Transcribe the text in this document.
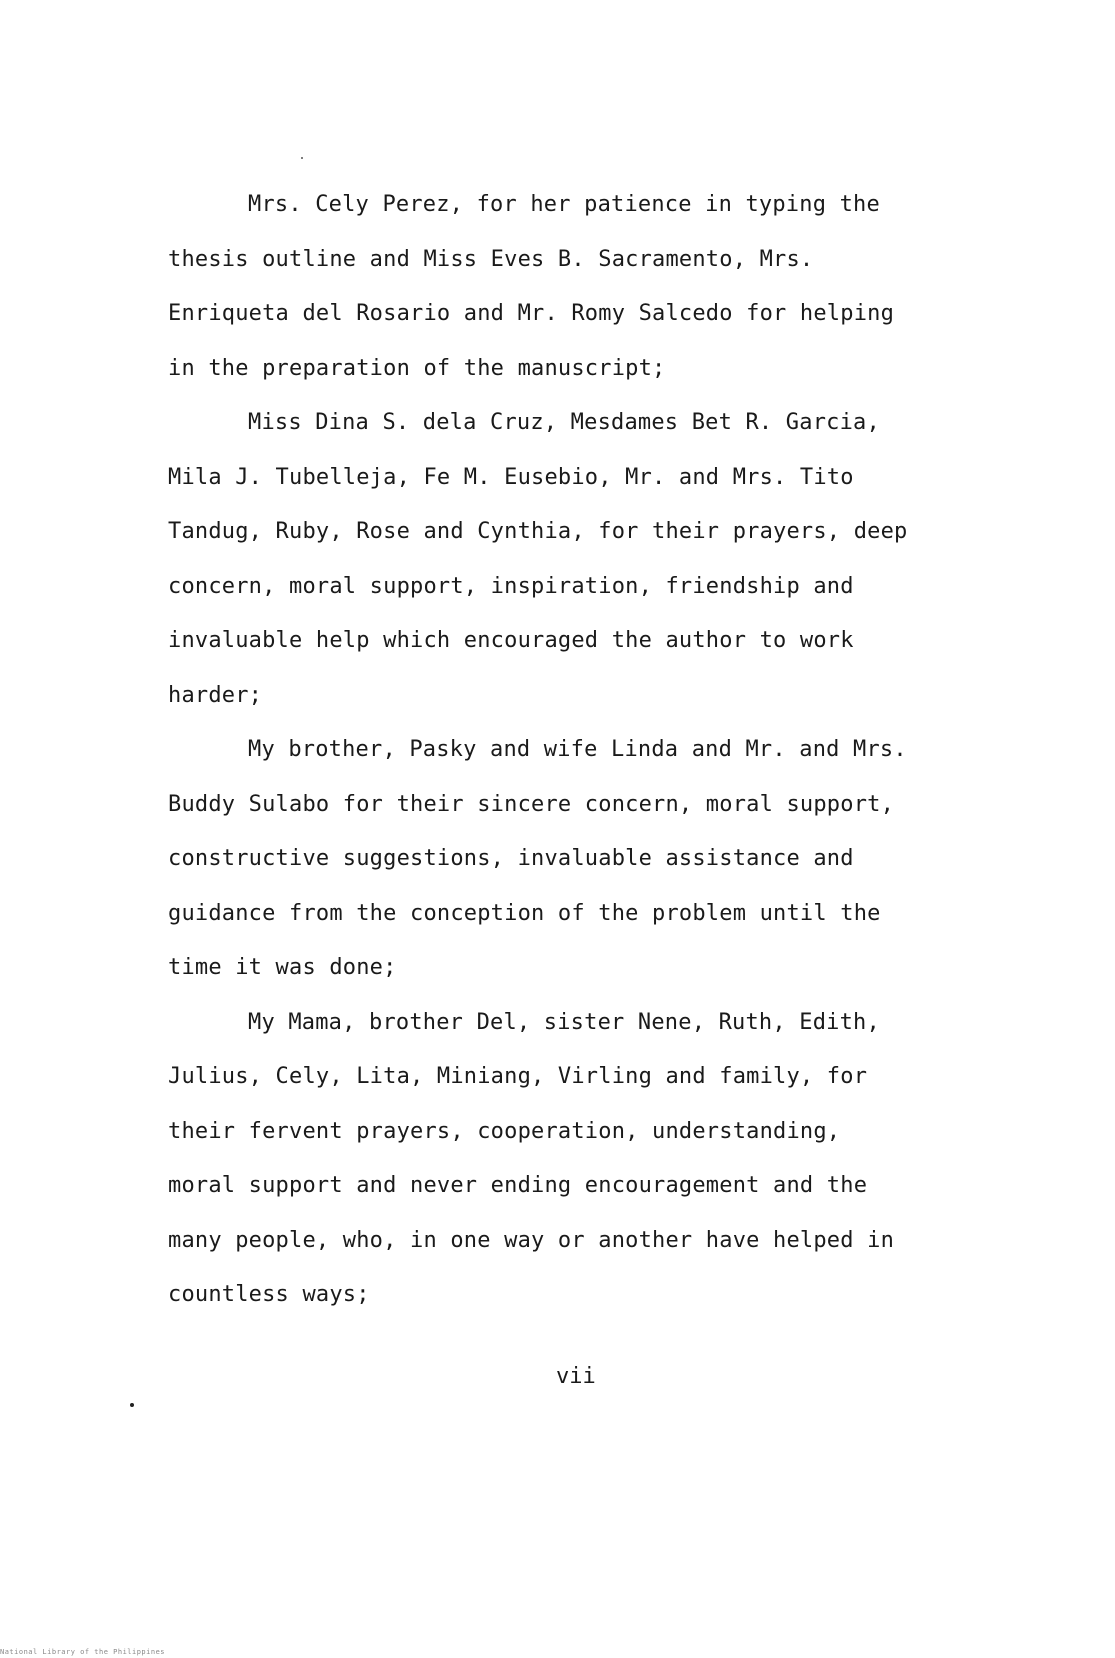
Mrs. Cely Perez, for her patience in typing the
thesis outline and Miss Eves B. Sacramento, Mrs.
Enriqueta del Rosario and Mr. Romy Salcedo for helping
in the preparation of the manuscript;
Miss Dina S. dela Cruz, Mesdames Bet R. Garcia,
Mila J. Tubelleja, Fe M. Eusebio, Mr. and Mrs. Tito
Tandug, Ruby, Rose and Cynthia, for their prayers, deep
concern, moral support, inspiration, friendship and
invaluable help which encouraged the author to work
harder;
My brother, Pasky and wife Linda and Mr. and Mrs.
Buddy Sulabo for their sincere concern, moral support,
constructive suggestions, invaluable assistance and
guidance from the conception of the problem until the
time it was done;
My Mama, brother Del, sister Nene, Ruth, Edith,
Julius, Cely, Lita, Miniang, Virling and family, for
their fervent prayers, cooperation, understanding,
moral support and never ending encouragement and the
many people, who, in one way or another have helped in
countless ways;
vii
National Library of the Philippines
